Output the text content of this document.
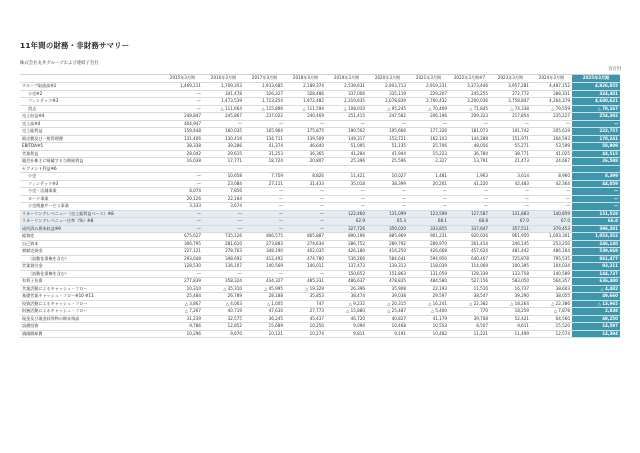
11年間の財務・非財務サマリー
株式会社丸井グループおよび連結子会社
百万円
	2015年3月期	2016年3月期	2017年3月期	2018年3月期	2019年3月期	2020年3月期	2021年3月期	2022年3月期※7	2023年3月期	2024年3月期	2025年3月期
グループ取扱高※1	1,469,111	1,709,353	1,933,685	2,189,374	2,539,631	2,903,713	2,919,231	3,373,446	3,957,281	4,487,152	4,926,855
小売※2	—	341,478	326,327	328,486	337,006	335,119	229,207	245,255	272,772	288,331	324,401
フィンテック※3	—	1,473,539	1,723,254	1,972,482	2,310,635	2,678,839	2,760,432	3,200,036	3,758,847	4,264,379	4,680,621
消去	—	△ 111,664	△ 115,896	△ 111,594	△ 108,010	△ 95,245	△ 70,409	△ 71,845	△ 74,338	△ 79,559	△ 78,167
売上収益※4	249,847	245,867	237,022	240,469	251,415	247,582	206,196	209,323	217,854	235,227	254,392
売上高※4	404,947	—	—	—	—	—	—	—	—	—	—
売上総利益	159,448	160,035	165,964	175,875	190,502	195,666	177,326	181,073	191,742	205,619	222,757
販売費及び一般管理費	131,406	130,419	134,711	139,509	149,317	153,721	162,103	144,288	151,971	164,593	178,241
EBITDA※5	38,338	39,286	41,374	46,640	51,095	51,135	25,706	48,056	55,271	53,599	58,909
営業利益	28,042	29,615	31,253	36,365	41,284	41,944	15,223	36,784	38,771	41,025	44,515
親会社株主に帰属する当期純利益	16,038	17,771	18,724	20,807	25,396	25,596	2,327	13,791	21,473	24,667	26,588
セグメント利益※6											
小売	—	10,658	7,759	8,826	11,421	10,027	1,481	1,963	3,614	8,960	8,399
フィンテック※3	—	23,084	27,111	31,433	35,018	38,399	20,201	41,220	42,483	42,364	44,059
小売・店舗事業	8,074	7,856	—	—	—	—	—	—	—	—	—
カード事業	20,126	22,184	—	—	—	—	—	—	—	—	—
小売関連サービス事業	3,333	3,674	—	—	—	—	—	—	—	—	—
リカーリングレベニュー（売上総利益ベース）※8	—	—	—	—	122,460	131,099	123,599	127,587	131,883	140,859	151,528
リカーリングレベニュー比率（%）※8	—	—	—	—	62.9	65.3	68.1	68.8	67.0	67.0	66.8
成約済み将来収益※9	—	—	—	—	327,726	350,020	333,855	337,647	357,511	379,453	396,381
総資産	675,627	735,126	806,575	865,887	890,196	885,969	901,231	920,026	961,950	1,003,301	1,053,352
自己資本	306,795	281,610	273,883	274,634	286,752	289,792	289,970	261,414	246,145	253,250	246,140
割賦売掛金	227,121	278,763	348,190	402,035	426,180	416,250	426,668	457,624	481,442	486,164	539,668
（流動化債権を含む）	293,648	348,692	412,492	474,780	536,266	584,641	594,950	640,467	725,878	795,535	861,477
営業貸付金	128,530	136,107	140,569	146,011	137,473	139,313	118,039	114,069	100,395	104,034	93,211
（流動化債権を含む）	—	—	—	—	150,652	151,863	131,059	128,339	133,758	140,589	144,737
有利子負債	277,839	358,324	434,327	485,331	486,637	478,835	484,580	527,156	583,050	564,357	636,480
営業活動によるキャッシュ・フロー	10,310	△ 35,310	△ 45,995	△ 19,329	26,396	35,908	22,193	11,510	16,737	38,603	△ 4,482
基礎営業キャッシュ・フロー※10 ※11	25,484	26,789	28,188	35,853	38,474	39,038	29,597	38,547	39,290	38,055	49,660
投資活動によるキャッシュ・フロー	△ 3,867	△ 4,063	△ 1,005	747	△ 9,232	△ 20,315	△ 16,241	△ 22,382	△ 18,264	△ 22,386	△ 13,965
財務活動によるキャッシュ・フロー	△ 7,267	40,719	47,630	27,773	△ 15,880	△ 25,487	△ 5,400	770	18,259	△ 7,878	2,838
現金及び現金同等物の期末残高	31,239	32,575	36,245	45,437	46,720	40,827	41,179	39,708	52,421	64,560	49,250
設備投資	9,786	12,852	15,689	10,250	9,094	10,468	10,553	8,507	9,611	15,520	14,597
減価償却費	10,296	9,670	10,121	10,274	9,811	9,191	10,482	11,221	11,499	12,574	14,394
